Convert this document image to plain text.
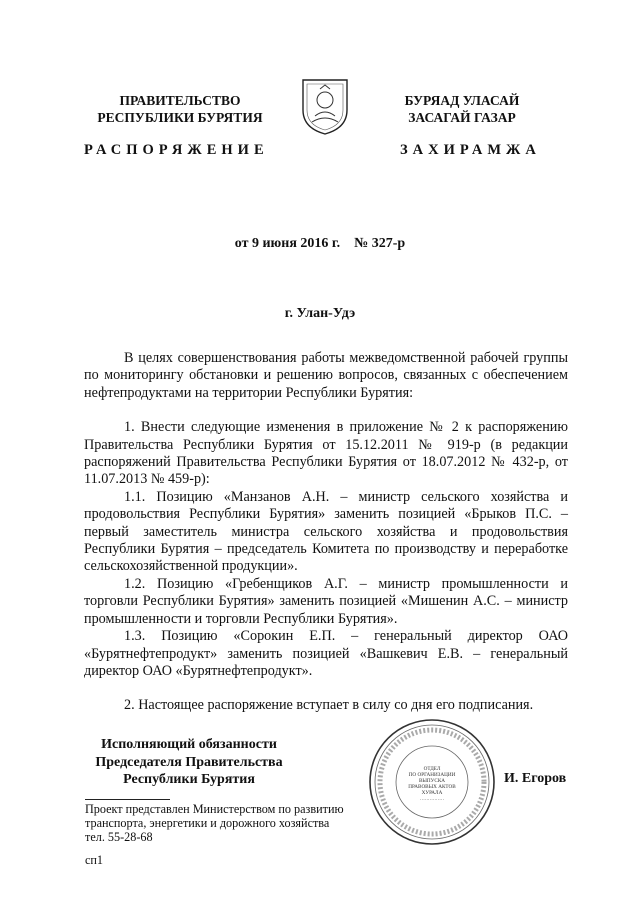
ПРАВИТЕЛЬСТВО
РЕСПУБЛИКИ БУРЯТИЯ
БУРЯАД УЛАСАЙ
ЗАСАГАЙ ГАЗАР
РАСПОРЯЖЕНИЕ	ЗАХИРАМЖА
от 9 июня 2016 г.    № 327-р
г. Улан-Удэ
В целях совершенствования работы межведомственной рабочей группы по мониторингу обстановки и решению вопросов, связанных с обеспечением нефтепродуктами на территории Республики Бурятия:
1. Внести следующие изменения в приложение № 2 к распоряжению Правительства Республики Бурятия от 15.12.2011 № 919-р (в редакции распоряжений Правительства Республики Бурятия от 18.07.2012 № 432-р, от 11.07.2013 № 459-р):
1.1. Позицию «Манзанов А.Н. – министр сельского хозяйства и продовольствия Республики Бурятия» заменить позицией «Брыков П.С. – первый заместитель министра сельского хозяйства и продовольствия Республики Бурятия – председатель Комитета по производству и переработке сельскохозяйственной продукции».
1.2. Позицию «Гребенщиков А.Г. – министр промышленности и торговли Республики Бурятия» заменить позицией «Мишенин А.С. – министр промышленности и торговли Республики Бурятия».
1.3. Позицию «Сорокин Е.П. – генеральный директор ОАО «Бурятнефтепродукт» заменить позицией «Вашкевич Е.В. – генеральный директор ОАО «Бурятнефтепродукт».
2. Настоящее распоряжение вступает в силу со дня его подписания.
Исполняющий обязанности
Председателя Правительства
Республики Бурятия
ОТДЕЛ
ПО ОРГАНИЗАЦИИ
ВЫПУСКА
ПРАВОВЫХ АКТОВ
ХУРАЛА
……………
И. Егоров
Проект представлен Министерством по развитию
транспорта, энергетики и дорожного хозяйства
тел. 55-28-68
сп1
